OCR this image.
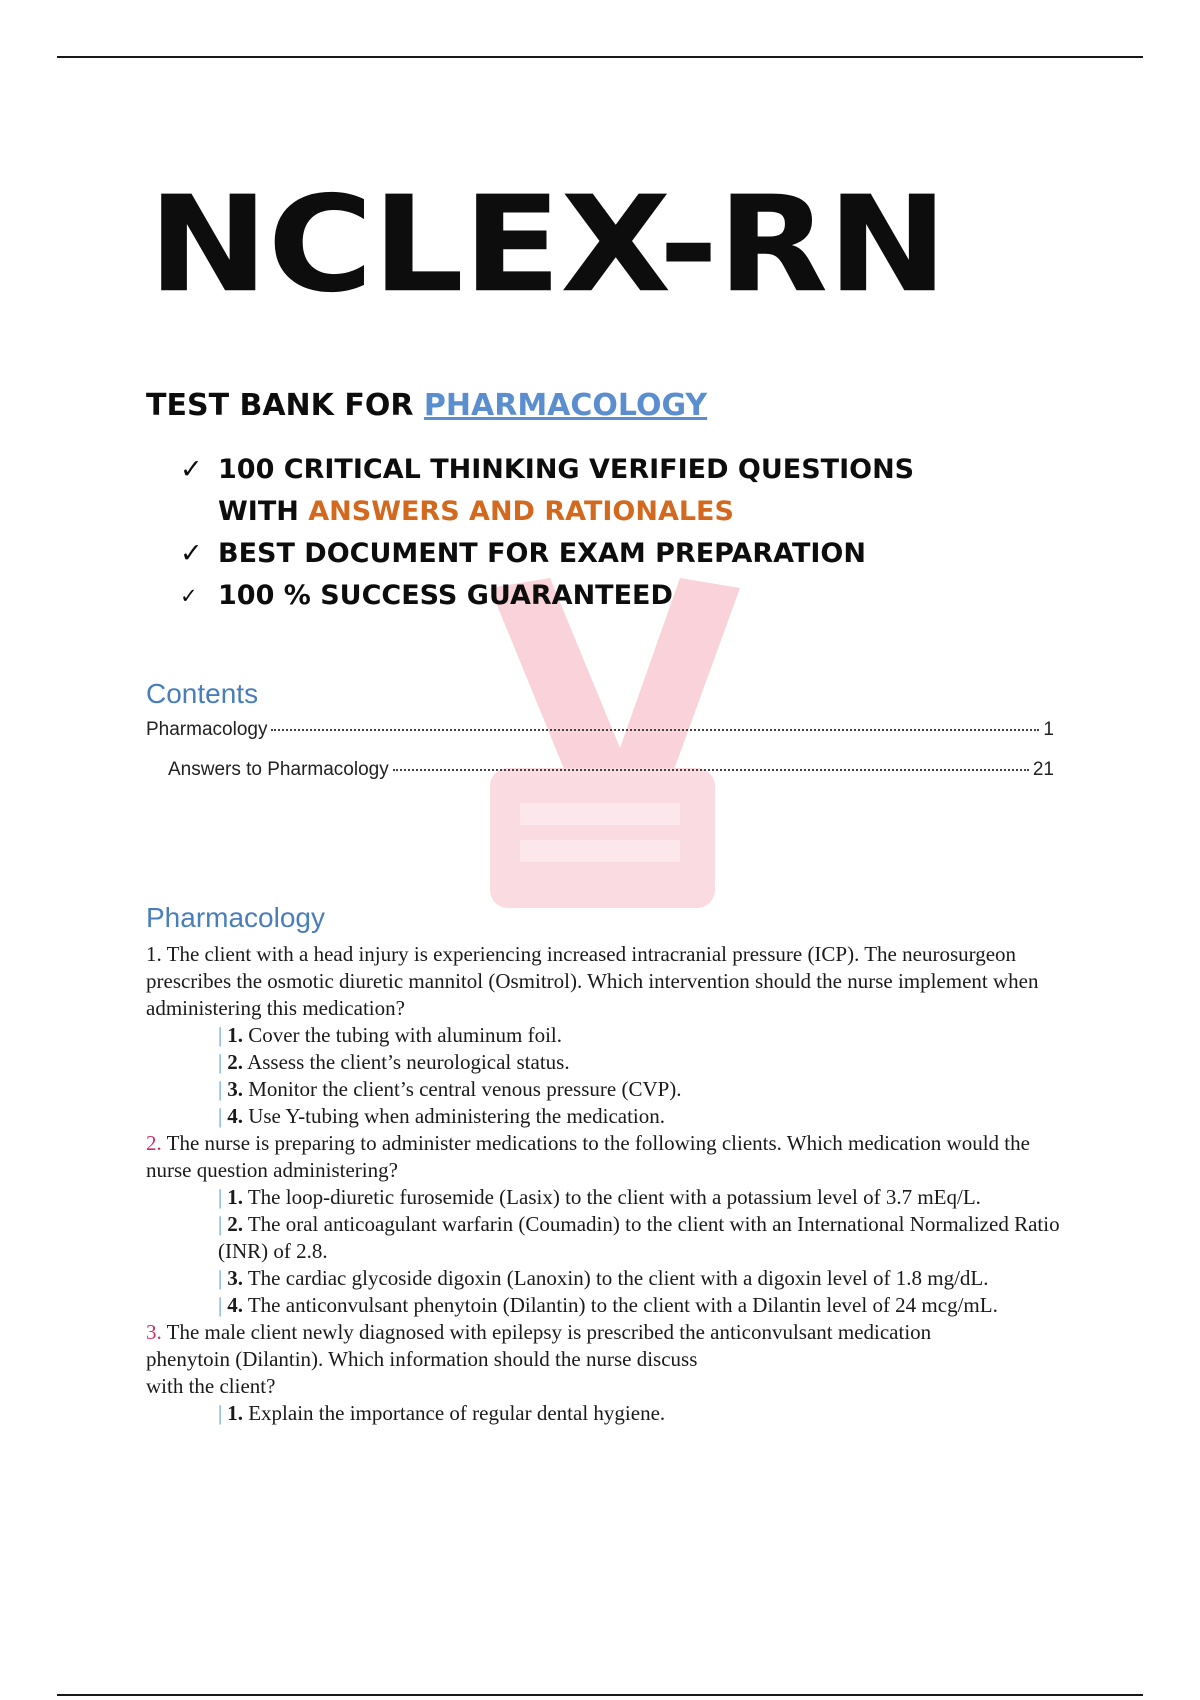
NCLEX-RN
TEST BANK FOR PHARMACOLOGY
✓ 100 CRITICAL THINKING VERIFIED QUESTIONS
WITH ANSWERS AND RATIONALES
✓ BEST DOCUMENT FOR EXAM PREPARATION
✓ 100 % SUCCESS GUARANTEED
Contents
Pharmacology	1
Answers to Pharmacology	21
Pharmacology

1. The client with a head injury is experiencing increased intracranial pressure (ICP). The neurosurgeon prescribes the osmotic diuretic mannitol (Osmitrol). Which intervention should the nurse implement when administering this medication?

| 1. Cover the tubing with aluminum foil.

| 2. Assess the client’s neurological status.

| 3. Monitor the client’s central venous pressure (CVP).

| 4. Use Y-tubing when administering the medication.

2. The nurse is preparing to administer medications to the following clients. Which medication would the nurse question administering?

| 1. The loop-diuretic furosemide (Lasix) to the client with a potassium level of 3.7 mEq/L.

| 2. The oral anticoagulant warfarin (Coumadin) to the client with an International Normalized Ratio (INR) of 2.8.

| 3. The cardiac glycoside digoxin (Lanoxin) to the client with a digoxin level of 1.8 mg/dL.

| 4. The anticonvulsant phenytoin (Dilantin) to the client with a Dilantin level of 24 mcg/mL.

3. The male client newly diagnosed with epilepsy is prescribed the anticonvulsant medication
phenytoin (Dilantin). Which information should the nurse discuss
with the client?

| 1. Explain the importance of regular dental hygiene.
